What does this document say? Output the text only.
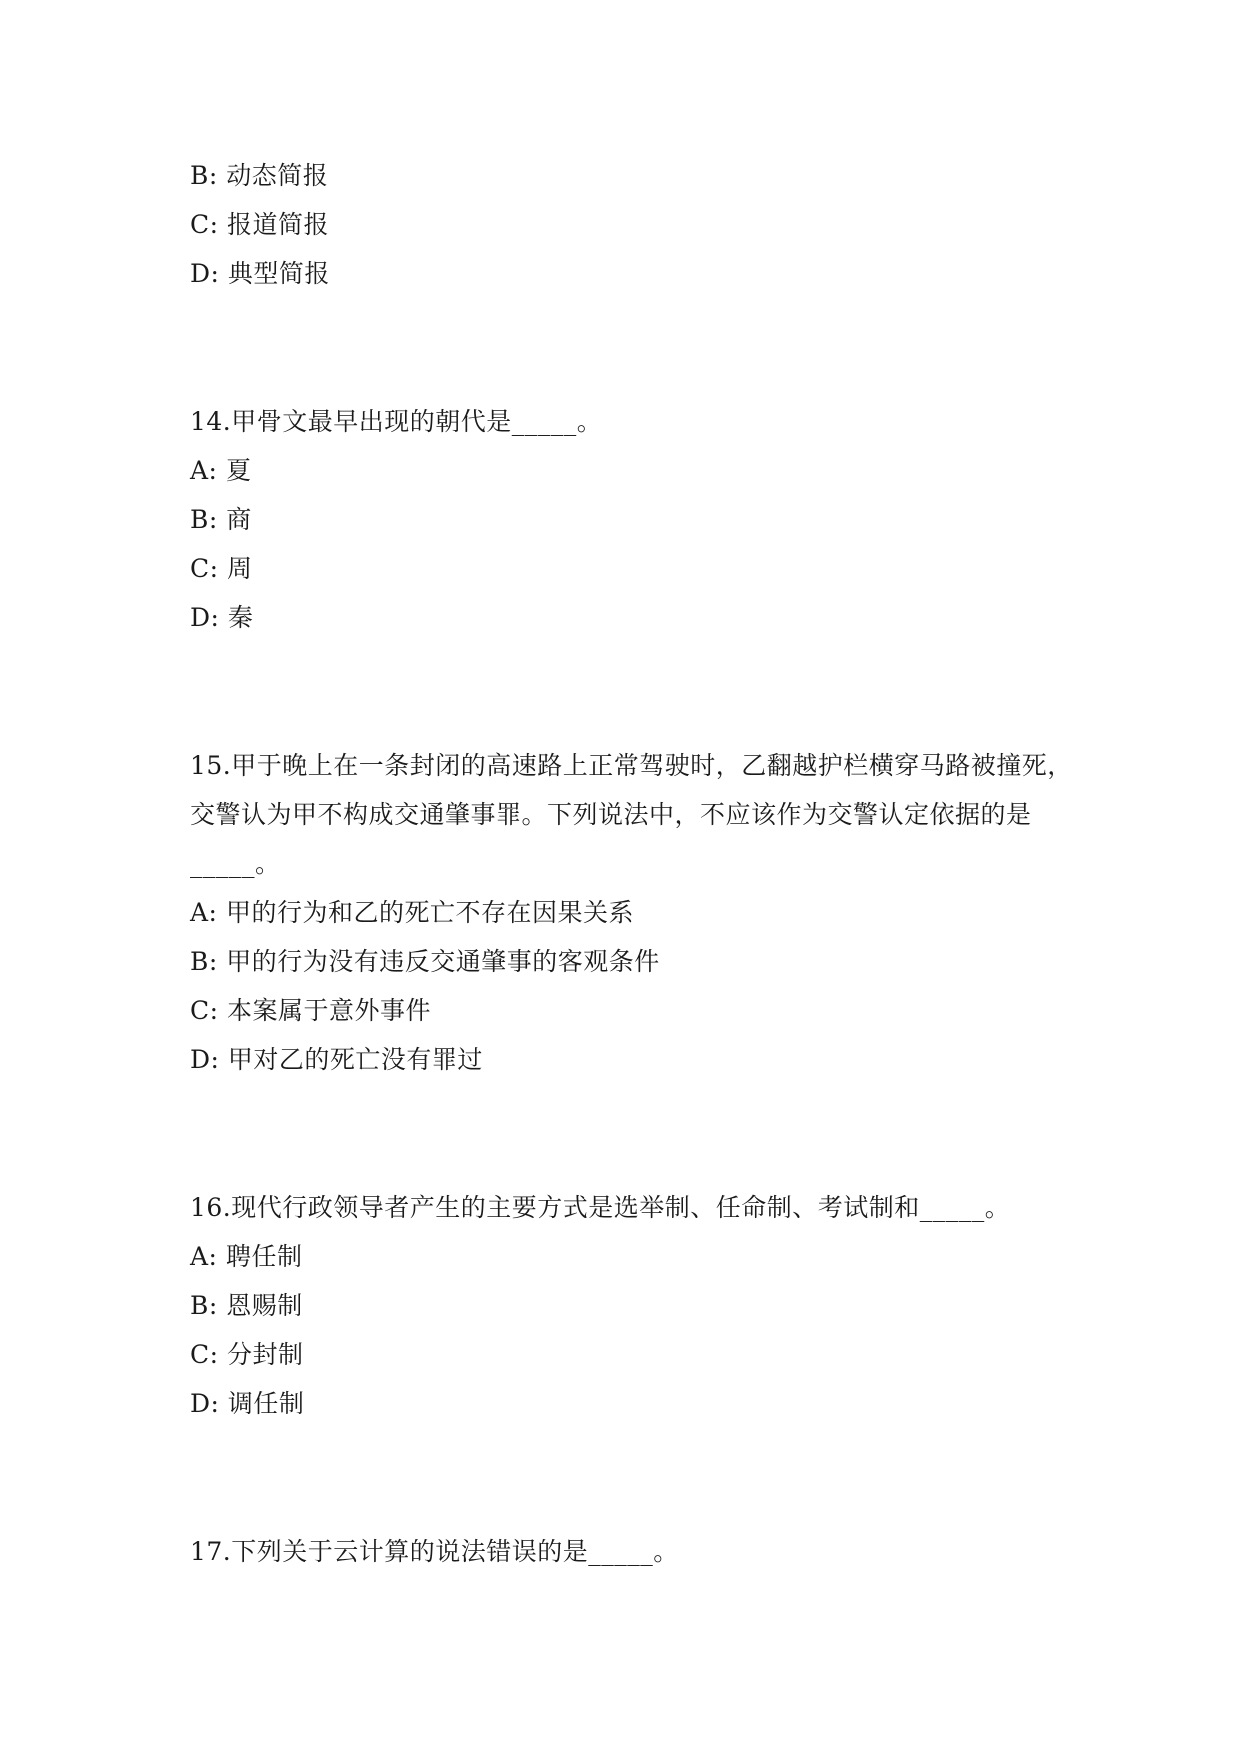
B: 动态简报
C: 报道简报
D: 典型简报
14.甲骨文最早出现的朝代是_____。
A: 夏
B: 商
C: 周
D: 秦
15.甲于晚上在一条封闭的高速路上正常驾驶时，乙翻越护栏横穿马路被撞死，
交警认为甲不构成交通肇事罪。下列说法中，不应该作为交警认定依据的是
_____。
A: 甲的行为和乙的死亡不存在因果关系
B: 甲的行为没有违反交通肇事的客观条件
C: 本案属于意外事件
D: 甲对乙的死亡没有罪过
16.现代行政领导者产生的主要方式是选举制、任命制、考试制和_____。
A: 聘任制
B: 恩赐制
C: 分封制
D: 调任制
17.下列关于云计算的说法错误的是_____。
